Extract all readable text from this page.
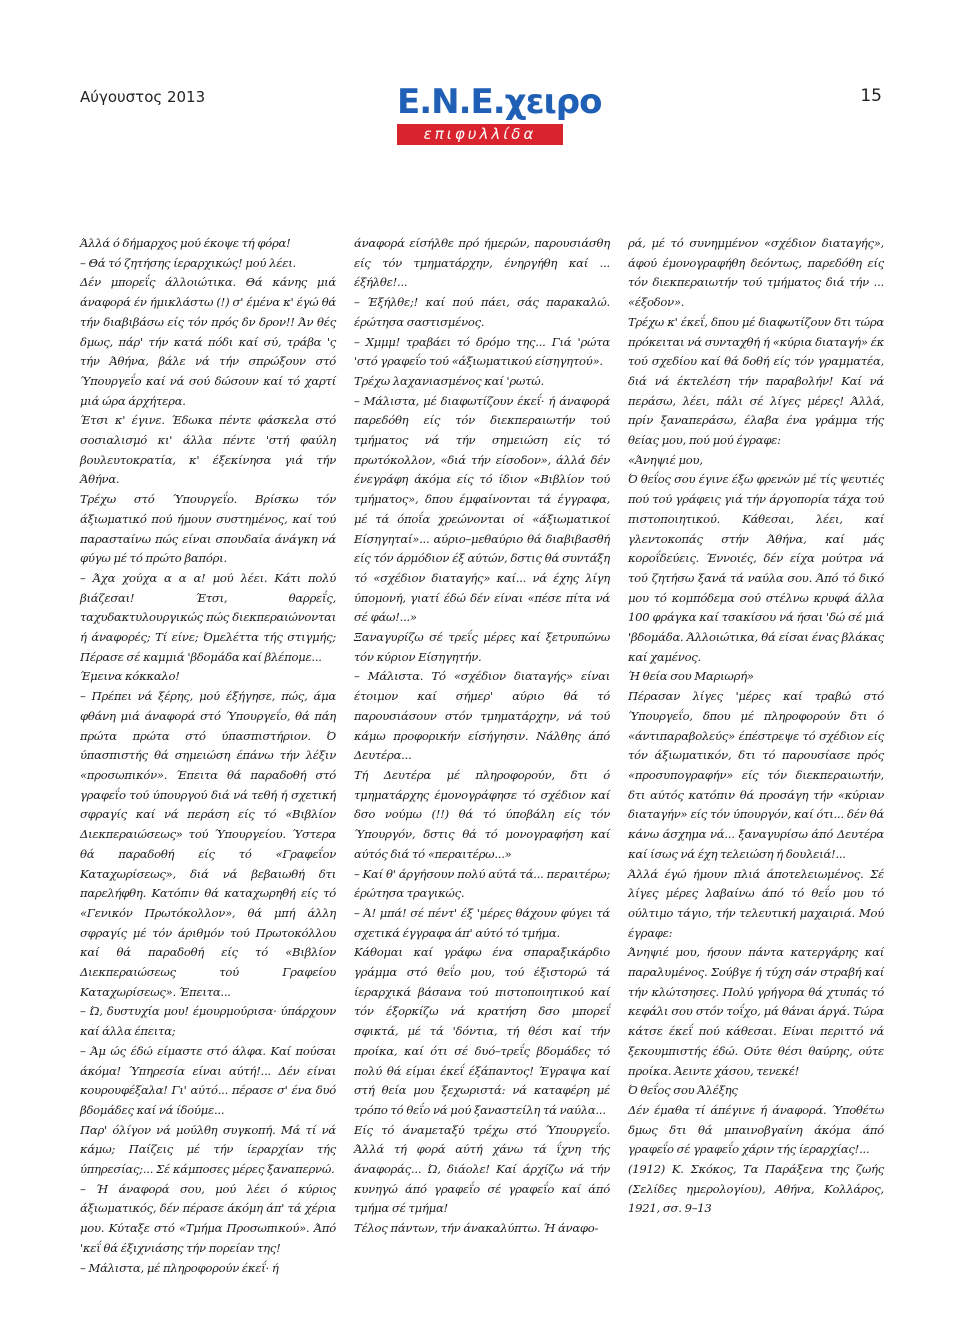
Αύγουστος 2013	Ε.Ν.Ε.χειρο
επιφυλλίδα
15

Άλλά ό δήμαρχος μού έκοψε τή φόρα!

– Θά τό ζητήσης ίεραρχικώς! μού λέει.

Δέν μπορεΐς άλλοιώτικα. Θά κάνης μιά άναφορά έν ήμικλάστω (!) σ' έμένα κ' έγώ θά τήν διαβιβάσω είς τόν πρός δν δρον!! Άν θές δμως, πάρ' τήν κατά πόδι καί σύ, τράβα 'ς τήν Άθήνα, βάλε νά τήν σπρώξουν στό Ύπουργεΐο καί νά σού δώσουν καί τό χαρτί μιά ώρα άρχήτερα.

Έτσι κ' έγινε. Έδωκα πέντε φάσκελα στό σοσιαλισμό κι' άλλα πέντε 'στή φαύλη βουλευτοκρατία, κ' έξεκίνησα γιά τήν Άθήνα.

Τρέχω στό Ύπουργεΐο. Βρίσκω τόν άξιωματικό πού ήμουν συστημένος, καί τού παρασταίνω πώς είναι σπουδαία άνάγκη νά φύγω μέ τό πρώτο βαπόρι.

– Άχα χούχα α α α! μού λέει. Κάτι πολύ βιάζεσαι! Έτσι, θαρρεΐς, ταχυδακτυλουργικώς πώς διεκπεραιώνονται ή άναφορές; Τί είνε; Όμελέττα τής στιγμής; Πέρασε σέ καμμιά 'βδομάδα καί βλέπομε...

Έμεινα κόκκαλο!

– Πρέπει νά ξέρης, μού έξήγησε, πώς, άμα φθάνη μιά άναφορά στό Ύπουργεΐο, θά πάη πρώτα πρώτα στό ύπασπιστήριον. Ό ύπασπιστής θά σημειώση έπάνω τήν λέξιν «προσωπικόν». Έπειτα θά παραδοθή στό γραφεΐο τού ύπουργού διά νά τεθή ή σχετική σφραγίς καί νά περάση είς τό «Βιβλίον Διεκπεραιώσεως» τού Ύπουργείου. Ύστερα θά παραδοθή είς τό «Γραφεΐον Καταχωρίσεως», διά νά βεβαιωθή δτι παρελήφθη. Κατόπιν θά καταχωρηθή είς τό «Γενικόν Πρωτόκολλον», θά μπή άλλη σφραγίς μέ τόν άριθμόν τού Πρωτοκόλλου καί θά παραδοθή είς τό «Βιβλίον Διεκπεραιώσεως τού Γραφείου Καταχωρίσεως». Έπειτα...

– Ώ, δυστυχία μου! έμουρμούρισα· ύπάρχουν καί άλλα έπειτα;

– Άμ ώς έδώ είμαστε στό άλφα. Καί πούσαι άκόμα! Ύπηρεσία είναι αύτή!... Δέν είναι κουρουφέξαλα! Γι' αύτό... πέρασε σ' ένα δυό βδομάδες καί νά ίδούμε...

Παρ' όλίγον νά μούλθη συγκοπή. Μά τί νά κάμω; Παίζεις μέ τήν ίεραρχίαν τής ύπηρεσίας;... Σέ κάμποσες μέρες ξαναπερνώ.

– Ή άναφορά σου, μού λέει ό κύριος άξιωματικός, δέν πέρασε άκόμη άπ' τά χέρια μου. Κύταξε στό «Τμήμα Προσωπικού». Άπό 'κεΐ θά έξιχνιάσης τήν πορείαν της!

– Μάλιστα, μέ πληροφορούν έκεΐ· ή

άναφορά είσήλθε πρό ήμερών, παρουσιάσθη είς τόν τμηματάρχην, ένηργήθη καί ... έξήλθε!...

– Έξήλθε;! καί πού πάει, σάς παρακαλώ. έρώτησα σαστισμένος.

– Χμμμ! τραβάει τό δρόμο της... Γιά 'ρώτα 'στό γραφεΐο τού «άξιωματικού είσηγητού».

Τρέχω λαχανιασμένος καί 'ρωτώ.

– Μάλιστα, μέ διαφωτίζουν έκεΐ· ή άναφορά παρεδόθη είς τόν διεκπεραιωτήν τού τμήματος νά τήν σημειώση είς τό πρωτόκολλον, «διά τήν είσοδον», άλλά δέν ένεγράφη άκόμα είς τό ίδιον «Βιβλίον τού τμήματος», δπου έμφαίνονται τά έγγραφα, μέ τά όποΐα χρεώνονται οί «άξιωματικοί Είσηγηταί»... αύριο–μεθαύριο θά διαβιβασθή είς τόν άρμόδιον έξ αύτών, δστις θά συντάξη τό «σχέδιον διαταγής» καί... νά έχης λίγη ύπομονή, γιατί έδώ δέν είναι «πέσε πίτα νά σέ φάω!...»

Ξαναγυρίζω σέ τρεΐς μέρες καί ξετρυπώνω τόν κύριον Είσηγητήν.

– Μάλιστα. Τό «σχέδιον διαταγής» είναι έτοιμον καί σήμερ' αύριο θά τό παρουσιάσουν στόν τμηματάρχην, νά τού κάμω προφορικήν είσήγησιν. Νάλθης άπό Δευτέρα...

Τή Δευτέρα μέ πληροφορούν, δτι ό τμηματάρχης έμονογράφησε τό σχέδιον καί δσο νούμω (!!) θά τό ύποβάλη είς τόν Ύπουργόν, δστις θά τό μονογραφήση καί αύτός διά τό «περαιτέρω...»

– Καί θ' άργήσουν πολύ αύτά τά... περαιτέρω; έρώτησα τραγικώς.

– Ά! μπά! σέ πέντ' έξ 'μέρες θάχουν φύγει τά σχετικά έγγραφα άπ' αύτό τό τμήμα.

Κάθομαι καί γράφω ένα σπαραξικάρδιο γράμμα στό θεΐο μου, τού έξιστορώ τά ίεραρχικά βάσανα τού πιστοποιητικού καί τόν έξορκίζω νά κρατήση δσο μπορεΐ σφικτά, μέ τά 'δόντια, τή θέσι καί τήν προίκα, καί ότι σέ δυό–τρεΐς βδομάδες τό πολύ θά είμαι έκεΐ έξάπαντος! Έγραψα καί στή θεία μου ξεχωριστά: νά καταφέρη μέ τρόπο τό θεΐο νά μού ξαναστείλη τά ναύλα...

Είς τό άναμεταξύ τρέχω στό Ύπουργεΐο. Άλλά τή φορά αύτή χάνω τά ΐχνη τής άναφοράς... Ώ, διάολε! Καί άρχίζω νά τήν κυνηγώ άπό γραφεΐο σέ γραφεΐο καί άπό τμήμα σέ τμήμα!

Τέλος πάντων, τήν άνακαλύπτω. Ή άναφο-

ρά, μέ τό συνημμένον «σχέδιον διαταγής», άφού έμονογραφήθη δεόντως, παρεδόθη είς τόν διεκπεραιωτήν τού τμήματος διά τήν ... «έξοδον».

Τρέχω κ' έκεΐ, δπου μέ διαφωτίζουν δτι τώρα πρόκειται νά συνταχθή ή «κύρια διαταγή» έκ τού σχεδίου καί θά δοθή είς τόν γραμματέα, διά νά έκτελέση τήν παραβολήν! Καί νά περάσω, λέει, πάλι σέ λίγες μέρες! Άλλά, πρίν ξαναπεράσω, έλαβα ένα γράμμα τής θείας μου, πού μού έγραφε:

«Άνηψιέ μου,

Ό θεΐος σου έγινε έξω φρενών μέ τίς ψευτιές πού τού γράφεις γιά τήν άργοπορία τάχα τού πιστοποιητικού. Κάθεσαι, λέει, καί γλεντοκοπάς στήν Άθήνα, καί μάς κοροΐδεύεις. Έννοιές, δέν είχα μούτρα νά τού ζητήσω ξανά τά ναύλα σου. Άπό τό δικό μου τό κομπόδεμα σού στέλνω κρυφά άλλα 100 φράγκα καί τσακίσου νά ήσαι 'δώ σέ μιά 'βδομάδα. Άλλοιώτικα, θά είσαι ένας βλάκας καί χαμένος.

Ή θεία σου Μαριωρή»

Πέρασαν λίγες 'μέρες καί τραβώ στό Ύπουργεΐο, δπου μέ πληροφορούν δτι ό «άντιπαραβολεύς» έπέστρεψε τό σχέδιον είς τόν άξιωματικόν, δτι τό παρουσίασε πρός «προσυπογραφήν» είς τόν διεκπεραιωτήν, δτι αύτός κατόπιν θά προσάγη τήν «κύριαν διαταγήν» είς τόν ύπουργόν, καί ότι... δέν θά κάνω άσχημα νά... ξαναγυρίσω άπό Δευτέρα καί ίσως νά έχη τελειώση ή δουλειά!...

Άλλά έγώ ήμουν πλιά άποτελειωμένος. Σέ λίγες μέρες λαβαίνω άπό τό θεΐο μου τό ούλτιμο τάγιο, τήν τελευτική μαχαιριά. Μού έγραφε:

Άνηψιέ μου, ήσουν πάντα κατεργάρης καί παραλυμένος. Σούβγε ή τύχη σάν στραβή καί τήν κλώτσησες. Πολύ γρήγορα θά χτυπάς τό κεφάλι σου στόν τοΐχο, μά θάναι άργά. Τώρα κάτσε έκεΐ πού κάθεσαι. Είναι περιττό νά ξεκουμπιστής έδώ. Ούτε θέσι θαύρης, ούτε προίκα. Άειντε χάσου, τενεκέ!

Ό θεΐος σου Άλέξης

Δέν έμαθα τί άπέγινε ή άναφορά. Ύποθέτω δμως δτι θά μπαινοβγαίνη άκόμα άπό γραφεΐο σέ γραφεΐο χάριν τής ίεραρχίας!...

(1912) Κ. Σκόκος, Τα Παράξενα της ζωής (Σελίδες ημερολογίου), Αθήνα, Κολλάρος, 1921, σσ. 9–13
